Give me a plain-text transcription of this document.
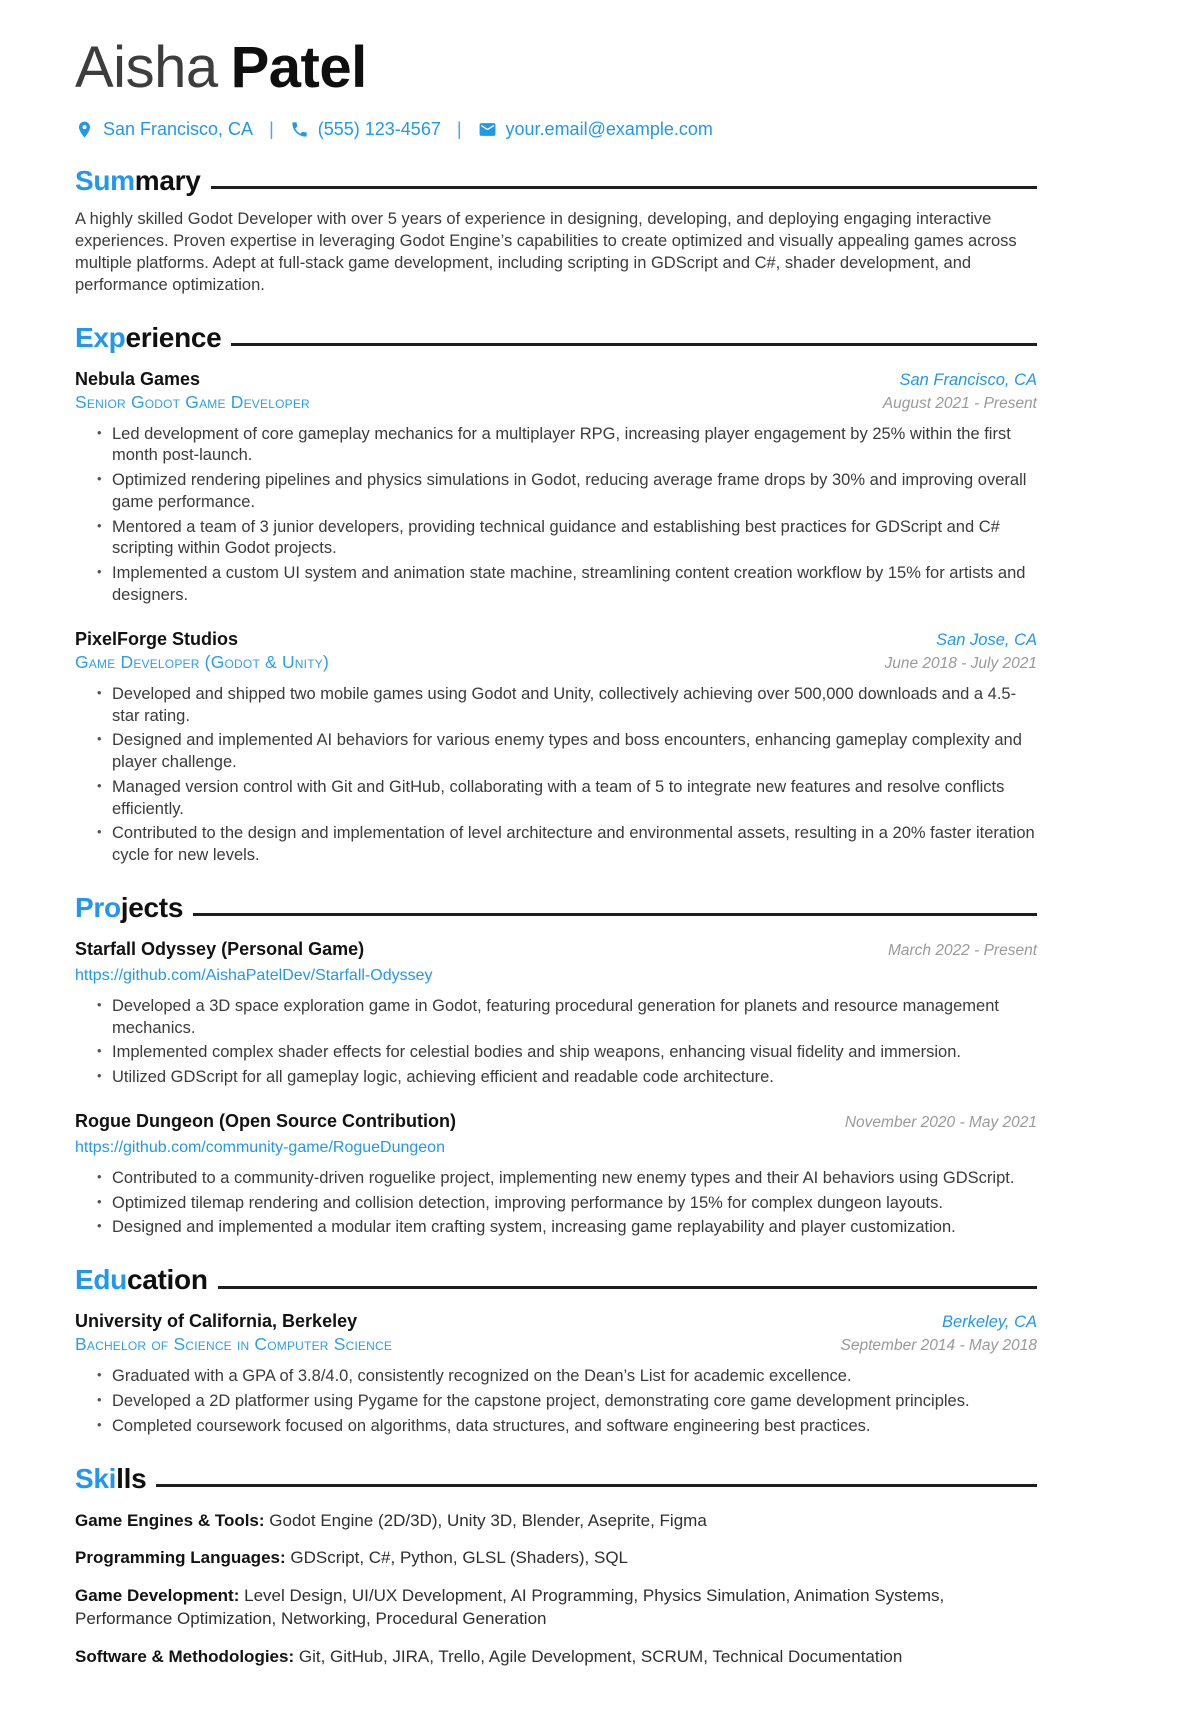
Aisha Patel
San Francisco, CA | (555) 123-4567 | your.email@example.com
Sum mary

A highly skilled Godot Developer with over 5 years of experience in designing, developing, and deploying engaging interactive experiences. Proven expertise in leveraging Godot Engine’s capabilities to create optimized and visually appealing games across multiple platforms. Adept at full-stack game development, including scripting in GDScript and C#, shader development, and performance optimization.

Exp erience
Nebula Games	San Francisco, CA
Senior Godot Game Developer	August 2021 - Present
• Led development of core gameplay mechanics for a multiplayer RPG, increasing player engagement by 25% within the first month post-launch.
• Optimized rendering pipelines and physics simulations in Godot, reducing average frame drops by 30% and improving overall game performance.
• Mentored a team of 3 junior developers, providing technical guidance and establishing best practices for GDScript and C# scripting within Godot projects.
• Implemented a custom UI system and animation state machine, streamlining content creation workflow by 15% for artists and designers.
PixelForge Studios	San Jose, CA
Game Developer (Godot & Unity)	June 2018 - July 2021
• Developed and shipped two mobile games using Godot and Unity, collectively achieving over 500,000 downloads and a 4.5-star rating.
• Designed and implemented AI behaviors for various enemy types and boss encounters, enhancing gameplay complexity and player challenge.
• Managed version control with Git and GitHub, collaborating with a team of 5 to integrate new features and resolve conflicts efficiently.
• Contributed to the design and implementation of level architecture and environmental assets, resulting in a 20% faster iteration cycle for new levels.
Pro jects
Starfall Odyssey (Personal Game)	March 2022 - Present
https://github.com/AishaPatelDev/Starfall-Odyssey
• Developed a 3D space exploration game in Godot, featuring procedural generation for planets and resource management mechanics.
• Implemented complex shader effects for celestial bodies and ship weapons, enhancing visual fidelity and immersion.
• Utilized GDScript for all gameplay logic, achieving efficient and readable code architecture.
Rogue Dungeon (Open Source Contribution)	November 2020 - May 2021
https://github.com/community-game/RogueDungeon
• Contributed to a community-driven roguelike project, implementing new enemy types and their AI behaviors using GDScript.
• Optimized tilemap rendering and collision detection, improving performance by 15% for complex dungeon layouts.
• Designed and implemented a modular item crafting system, increasing game replayability and player customization.
Edu cation
University of California, Berkeley	Berkeley, CA
Bachelor of Science in Computer Science	September 2014 - May 2018
• Graduated with a GPA of 3.8/4.0, consistently recognized on the Dean’s List for academic excellence.
• Developed a 2D platformer using Pygame for the capstone project, demonstrating core game development principles.
• Completed coursework focused on algorithms, data structures, and software engineering best practices.
Ski lls

Game Engines & Tools: Godot Engine (2D/3D), Unity 3D, Blender, Aseprite, Figma

Programming Languages: GDScript, C#, Python, GLSL (Shaders), SQL

Game Development: Level Design, UI/UX Development, AI Programming, Physics Simulation, Animation Systems, Performance Optimization, Networking, Procedural Generation

Software & Methodologies: Git, GitHub, JIRA, Trello, Agile Development, SCRUM, Technical Documentation
